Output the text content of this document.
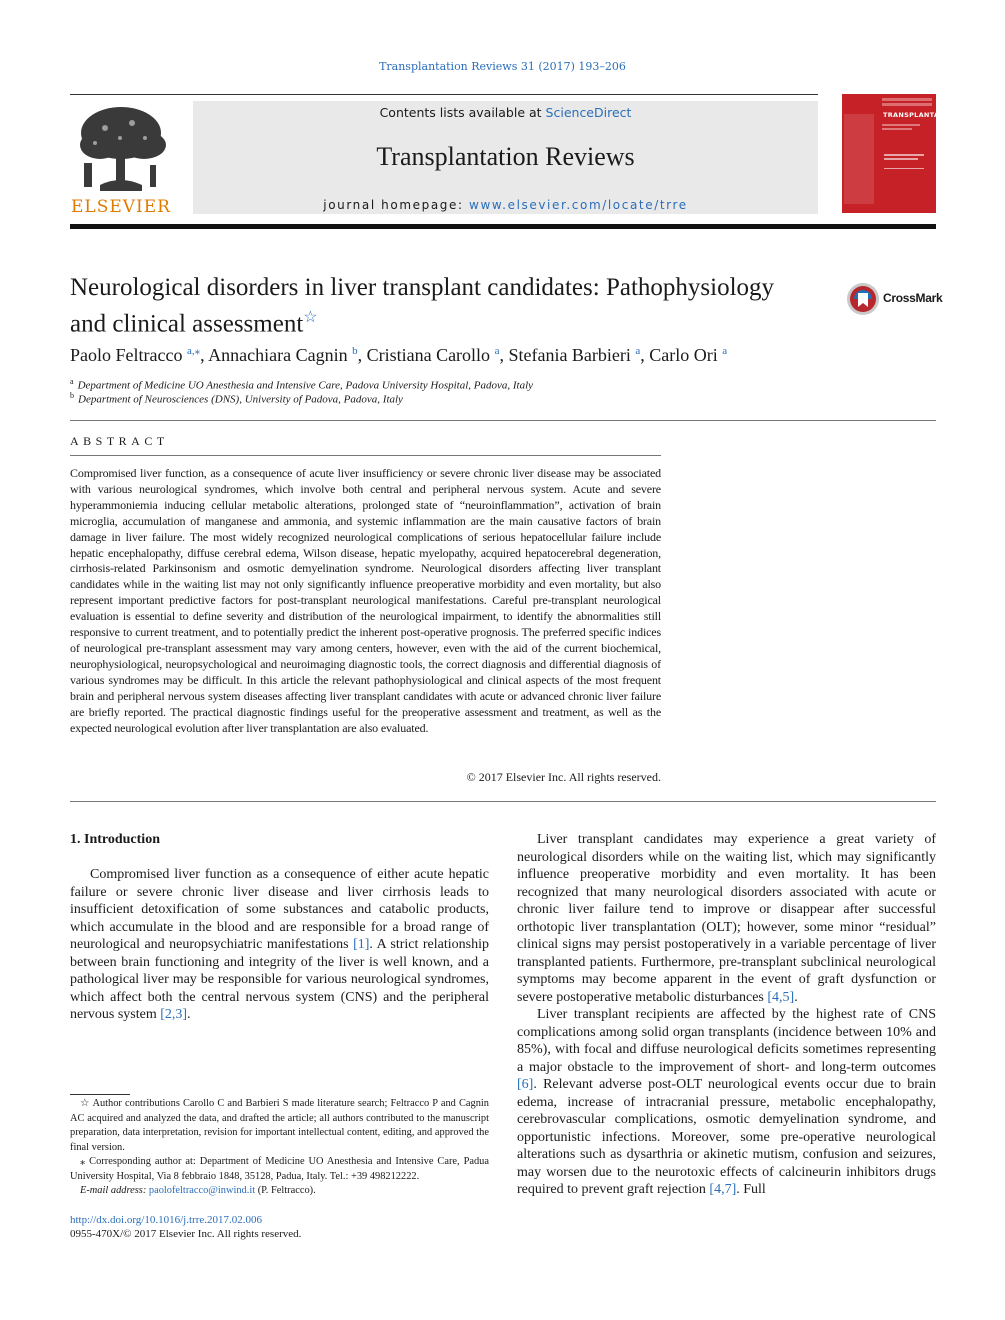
Transplantation Reviews 31 (2017) 193–206
ELSEVIER
Contents lists available at ScienceDirect
Transplantation Reviews
journal homepage: www.elsevier.com/locate/trre
TRANSPLANTATION
Neurological disorders in liver transplant candidates: Pathophysiology and clinical assessment☆
CrossMark
Paolo Feltracco $^{a,⁎}$, Annachiara Cagnin $^b$, Cristiana Carollo $^a$, Stefania Barbieri $^a$, Carlo Ori $^a$
$^a$ Department of Medicine UO Anesthesia and Intensive Care, Padova University Hospital, Padova, Italy
$^b$ Department of Neurosciences (DNS), University of Padova, Padova, Italy
ABSTRACT
Compromised liver function, as a consequence of acute liver insufficiency or severe chronic liver disease may be associated with various neurological syndromes, which involve both central and peripheral nervous system. Acute and severe hyperammoniemia inducing cellular metabolic alterations, prolonged state of “neuroinflammation”, activation of brain microglia, accumulation of manganese and ammonia, and systemic inflammation are the main causative factors of brain damage in liver failure. The most widely recognized neurological complications of serious hepatocellular failure include hepatic encephalopathy, diffuse cerebral edema, Wilson disease, hepatic myelopathy, acquired hepatocerebral degeneration, cirrhosis-related Parkinsonism and osmotic demyelination syndrome. Neurological disorders affecting liver transplant candidates while in the waiting list may not only significantly influence preoperative morbidity and even mortality, but also represent important predictive factors for post-transplant neurological manifestations. Careful pre-transplant neurological evaluation is essential to define severity and distribution of the neurological impairment, to identify the abnormalities still responsive to current treatment, and to potentially predict the inherent post-operative prognosis. The preferred specific indices of neurological pre-transplant assessment may vary among centers, however, even with the aid of the current biochemical, neurophysiological, neuropsychological and neuroimaging diagnostic tools, the correct diagnosis and differential diagnosis of various syndromes may be difficult. In this article the relevant pathophysiological and clinical aspects of the most frequent brain and peripheral nervous system diseases affecting liver transplant candidates with acute or advanced chronic liver failure are briefly reported. The practical diagnostic findings useful for the preoperative assessment and treatment, as well as the expected neurological evolution after liver transplantation are also evaluated.
© 2017 Elsevier Inc. All rights reserved.
1. Introduction

Compromised liver function as a consequence of either acute hepatic failure or severe chronic liver disease and liver cirrhosis leads to insufficient detoxification of some substances and catabolic products, which accumulate in the blood and are responsible for a broad range of neurological and neuropsychiatric manifestations [1]. A strict relationship between brain functioning and integrity of the liver is well known, and a pathological liver may be responsible for various neurological syndromes, which affect both the central nervous system (CNS) and the peripheral nervous system [2,3].

Liver transplant candidates may experience a great variety of neurological disorders while on the waiting list, which may significantly influence preoperative morbidity and even mortality. It has been recognized that many neurological disorders associated with acute or chronic liver failure tend to improve or disappear after successful orthotopic liver transplantation (OLT); however, some minor “residual” clinical signs may persist postoperatively in a variable percentage of liver transplanted patients. Furthermore, pre-transplant subclinical neurological symptoms may become apparent in the event of graft dysfunction or severe postoperative metabolic disturbances [4,5].

Liver transplant recipients are affected by the highest rate of CNS complications among solid organ transplants (incidence between 10% and 85%), with focal and diffuse neurological deficits sometimes representing a major obstacle to the improvement of short- and long-term outcomes [6]. Relevant adverse post-OLT neurological events occur due to brain edema, increase of intracranial pressure, metabolic encephalopathy, cerebrovascular complications, osmotic demyelination syndrome, and opportunistic infections. Moreover, some pre-operative neurological alterations such as dysarthria or akinetic mutism, confusion and seizures, may worsen due to the neurotoxic effects of calcineurin inhibitors drugs required to prevent graft rejection [4,7]. Full

☆ Author contributions Carollo C and Barbieri S made literature search; Feltracco P and Cagnin AC acquired and analyzed the data, and drafted the article; all authors contributed to the manuscript preparation, data interpretation, revision for important intellectual content, editing, and approved the final version.

⁎ Corresponding author at: Department of Medicine UO Anesthesia and Intensive Care, Padua University Hospital, Via 8 febbraio 1848, 35128, Padua, Italy. Tel.: +39 498212222.

E-mail address: paolofeltracco@inwind.it (P. Feltracco).

http://dx.doi.org/10.1016/j.trre.2017.02.006
0955-470X/© 2017 Elsevier Inc. All rights reserved.
